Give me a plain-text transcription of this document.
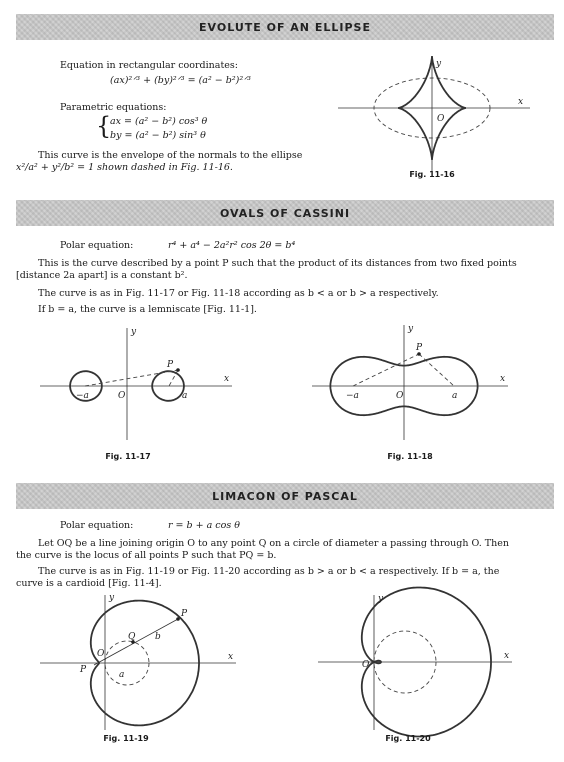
EVOLUTE OF AN ELLIPSE
Equation in rectangular coordinates:
(ax)²ᐟ³ + (by)²ᐟ³ = (a² − b²)²ᐟ³
Parametric equations:
{
ax = (a² − b²) cos³ θ
by = (a² − b²) sin³ θ
This curve is the envelope of the normals to the ellipse
x²/a² + y²/b² = 1 shown dashed in Fig. 11-16.
x
y
O
Fig. 11-16
OVALS OF CASSINI
Polar equation:	r⁴ + a⁴ − 2a²r² cos 2θ = b⁴
This is the curve described by a point P such that the product of its distances from two fixed points
[distance 2a apart] is a constant b².
The curve is as in Fig. 11-17 or Fig. 11-18 according as b < a or b > a respectively.
If b = a, the curve is a lemniscate [Fig. 11-1].
x
y
O
P
−a	a
Fig. 11-17
x
y
O
P
−a	a
Fig. 11-18
LIMACON OF PASCAL
Polar equation:	r = b + a cos θ
Let OQ be a line joining origin O to any point Q on a circle of diameter a passing through O. Then
the curve is the locus of all points P such that PQ = b.
The curve is as in Fig. 11-19 or Fig. 11-20 according as b > a or b < a respectively. If b = a, the
curve is a cardioid [Fig. 11-4].
x
y
O
P
P
Q
a
b
Fig. 11-19
x
y
O
Fig. 11-20
